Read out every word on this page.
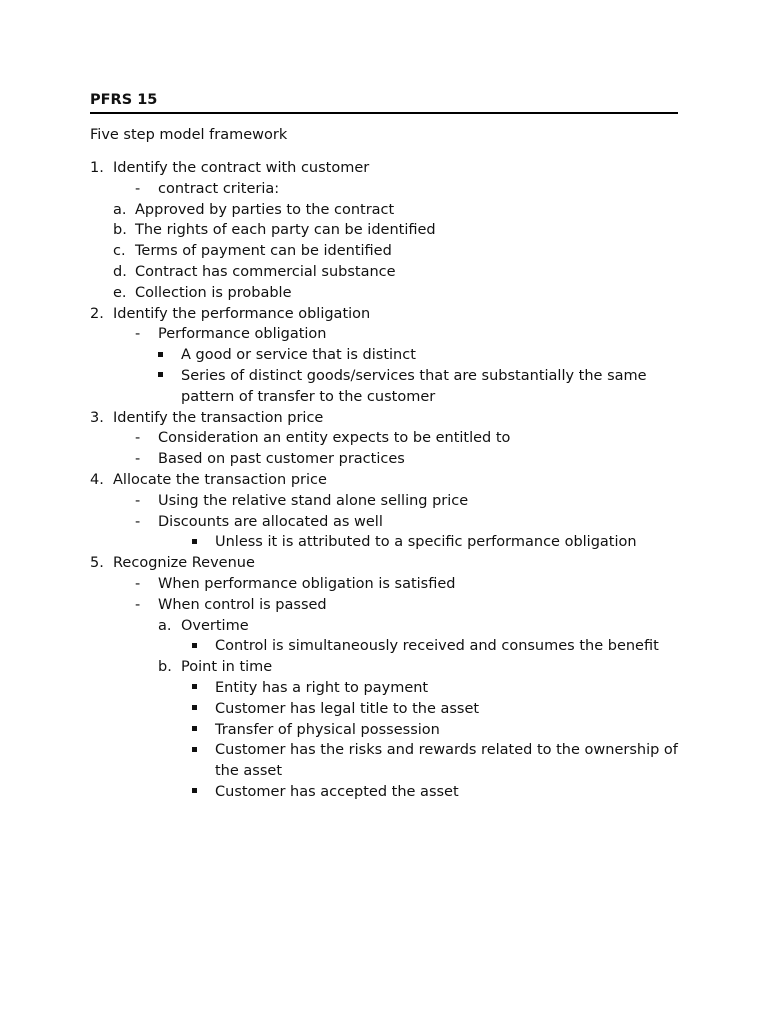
PFRS 15
Five step model framework
1. Identify the contract with customer
- contract criteria:
a. Approved by parties to the contract
b. The rights of each party can be identified
c. Terms of payment can be identified
d. Contract has commercial substance
e. Collection is probable
2. Identify the performance obligation
- Performance obligation
A good or service that is distinct
Series of distinct goods/services that are substantially the same pattern of transfer to the customer
3. Identify the transaction price
- Consideration an entity expects to be entitled to
- Based on past customer practices
4. Allocate the transaction price
- Using the relative stand alone selling price
- Discounts are allocated as well
Unless it is attributed to a specific performance obligation
5. Recognize Revenue
- When performance obligation is satisfied
- When control is passed
a. Overtime
Control is simultaneously received and consumes the benefit
b. Point in time
Entity has a right to payment
Customer has legal title to the asset
Transfer of physical possession
Customer has the risks and rewards related to the ownership of the asset
Customer has accepted the asset
